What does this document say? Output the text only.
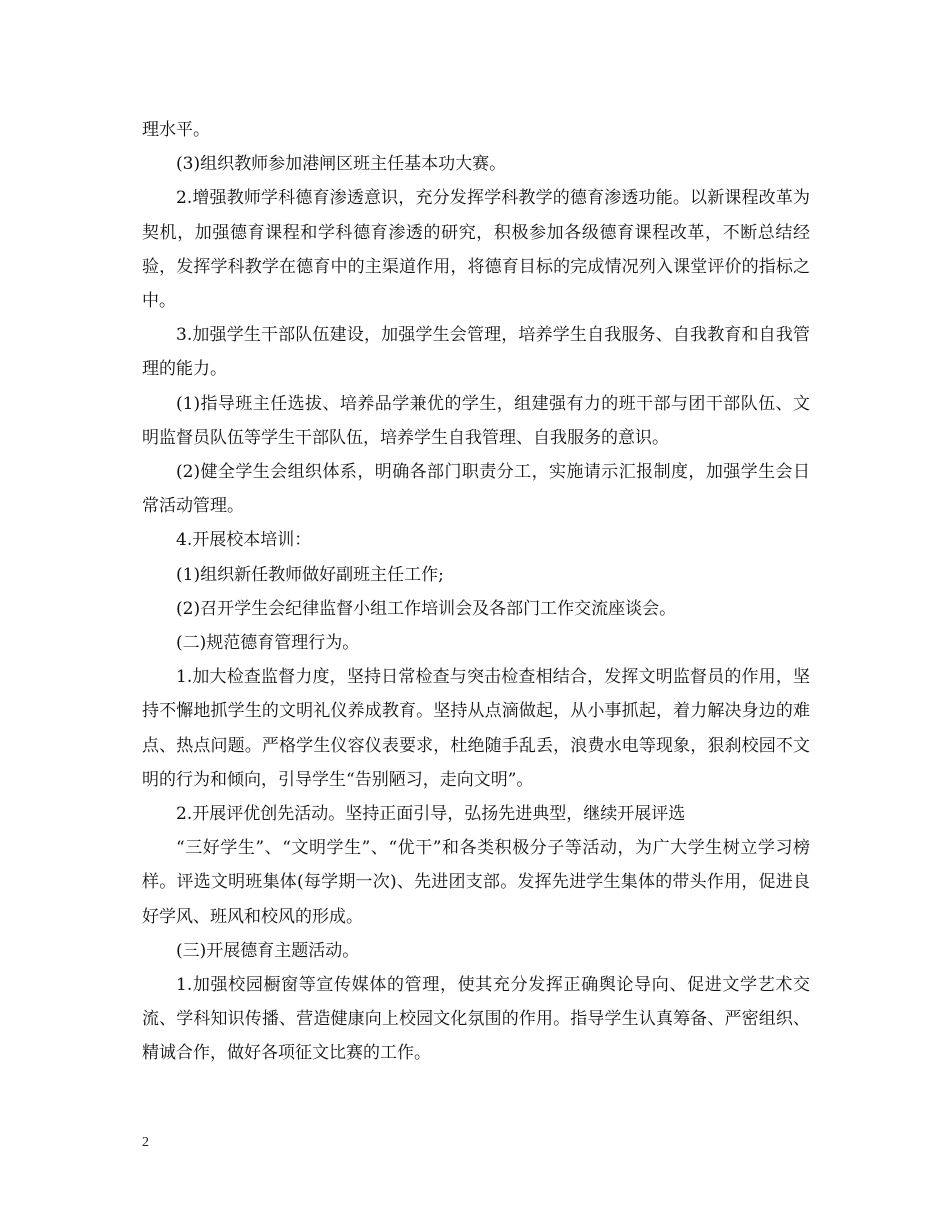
理水平。

(3)组织教师参加港闸区班主任基本功大赛。

2.增强教师学科德育渗透意识，充分发挥学科教学的德育渗透功能。以新课程改革为契机，加强德育课程和学科德育渗透的研究，积极参加各级德育课程改革，不断总结经验，发挥学科教学在德育中的主渠道作用，将德育目标的完成情况列入课堂评价的指标之中。

3.加强学生干部队伍建设，加强学生会管理，培养学生自我服务、自我教育和自我管理的能力。

(1)指导班主任选拔、培养品学兼优的学生，组建强有力的班干部与团干部队伍、文明监督员队伍等学生干部队伍，培养学生自我管理、自我服务的意识。

(2)健全学生会组织体系，明确各部门职责分工，实施请示汇报制度，加强学生会日常活动管理。

4.开展校本培训：

(1)组织新任教师做好副班主任工作;

(2)召开学生会纪律监督小组工作培训会及各部门工作交流座谈会。

(二)规范德育管理行为。

1.加大检查监督力度，坚持日常检查与突击检查相结合，发挥文明监督员的作用，坚持不懈地抓学生的文明礼仪养成教育。坚持从点滴做起，从小事抓起，着力解决身边的难点、热点问题。严格学生仪容仪表要求，杜绝随手乱丢，浪费水电等现象，狠刹校园不文明的行为和倾向，引导学生“告别陋习，走向文明”。

2.开展评优创先活动。坚持正面引导，弘扬先进典型，继续开展评选

“三好学生”、“文明学生”、“优干”和各类积极分子等活动，为广大学生树立学习榜样。评选文明班集体(每学期一次)、先进团支部。发挥先进学生集体的带头作用，促进良好学风、班风和校风的形成。

(三)开展德育主题活动。

1.加强校园橱窗等宣传媒体的管理，使其充分发挥正确舆论导向、促进文学艺术交流、学科知识传播、营造健康向上校园文化氛围的作用。指导学生认真筹备、严密组织、精诚合作，做好各项征文比赛的工作。

2
